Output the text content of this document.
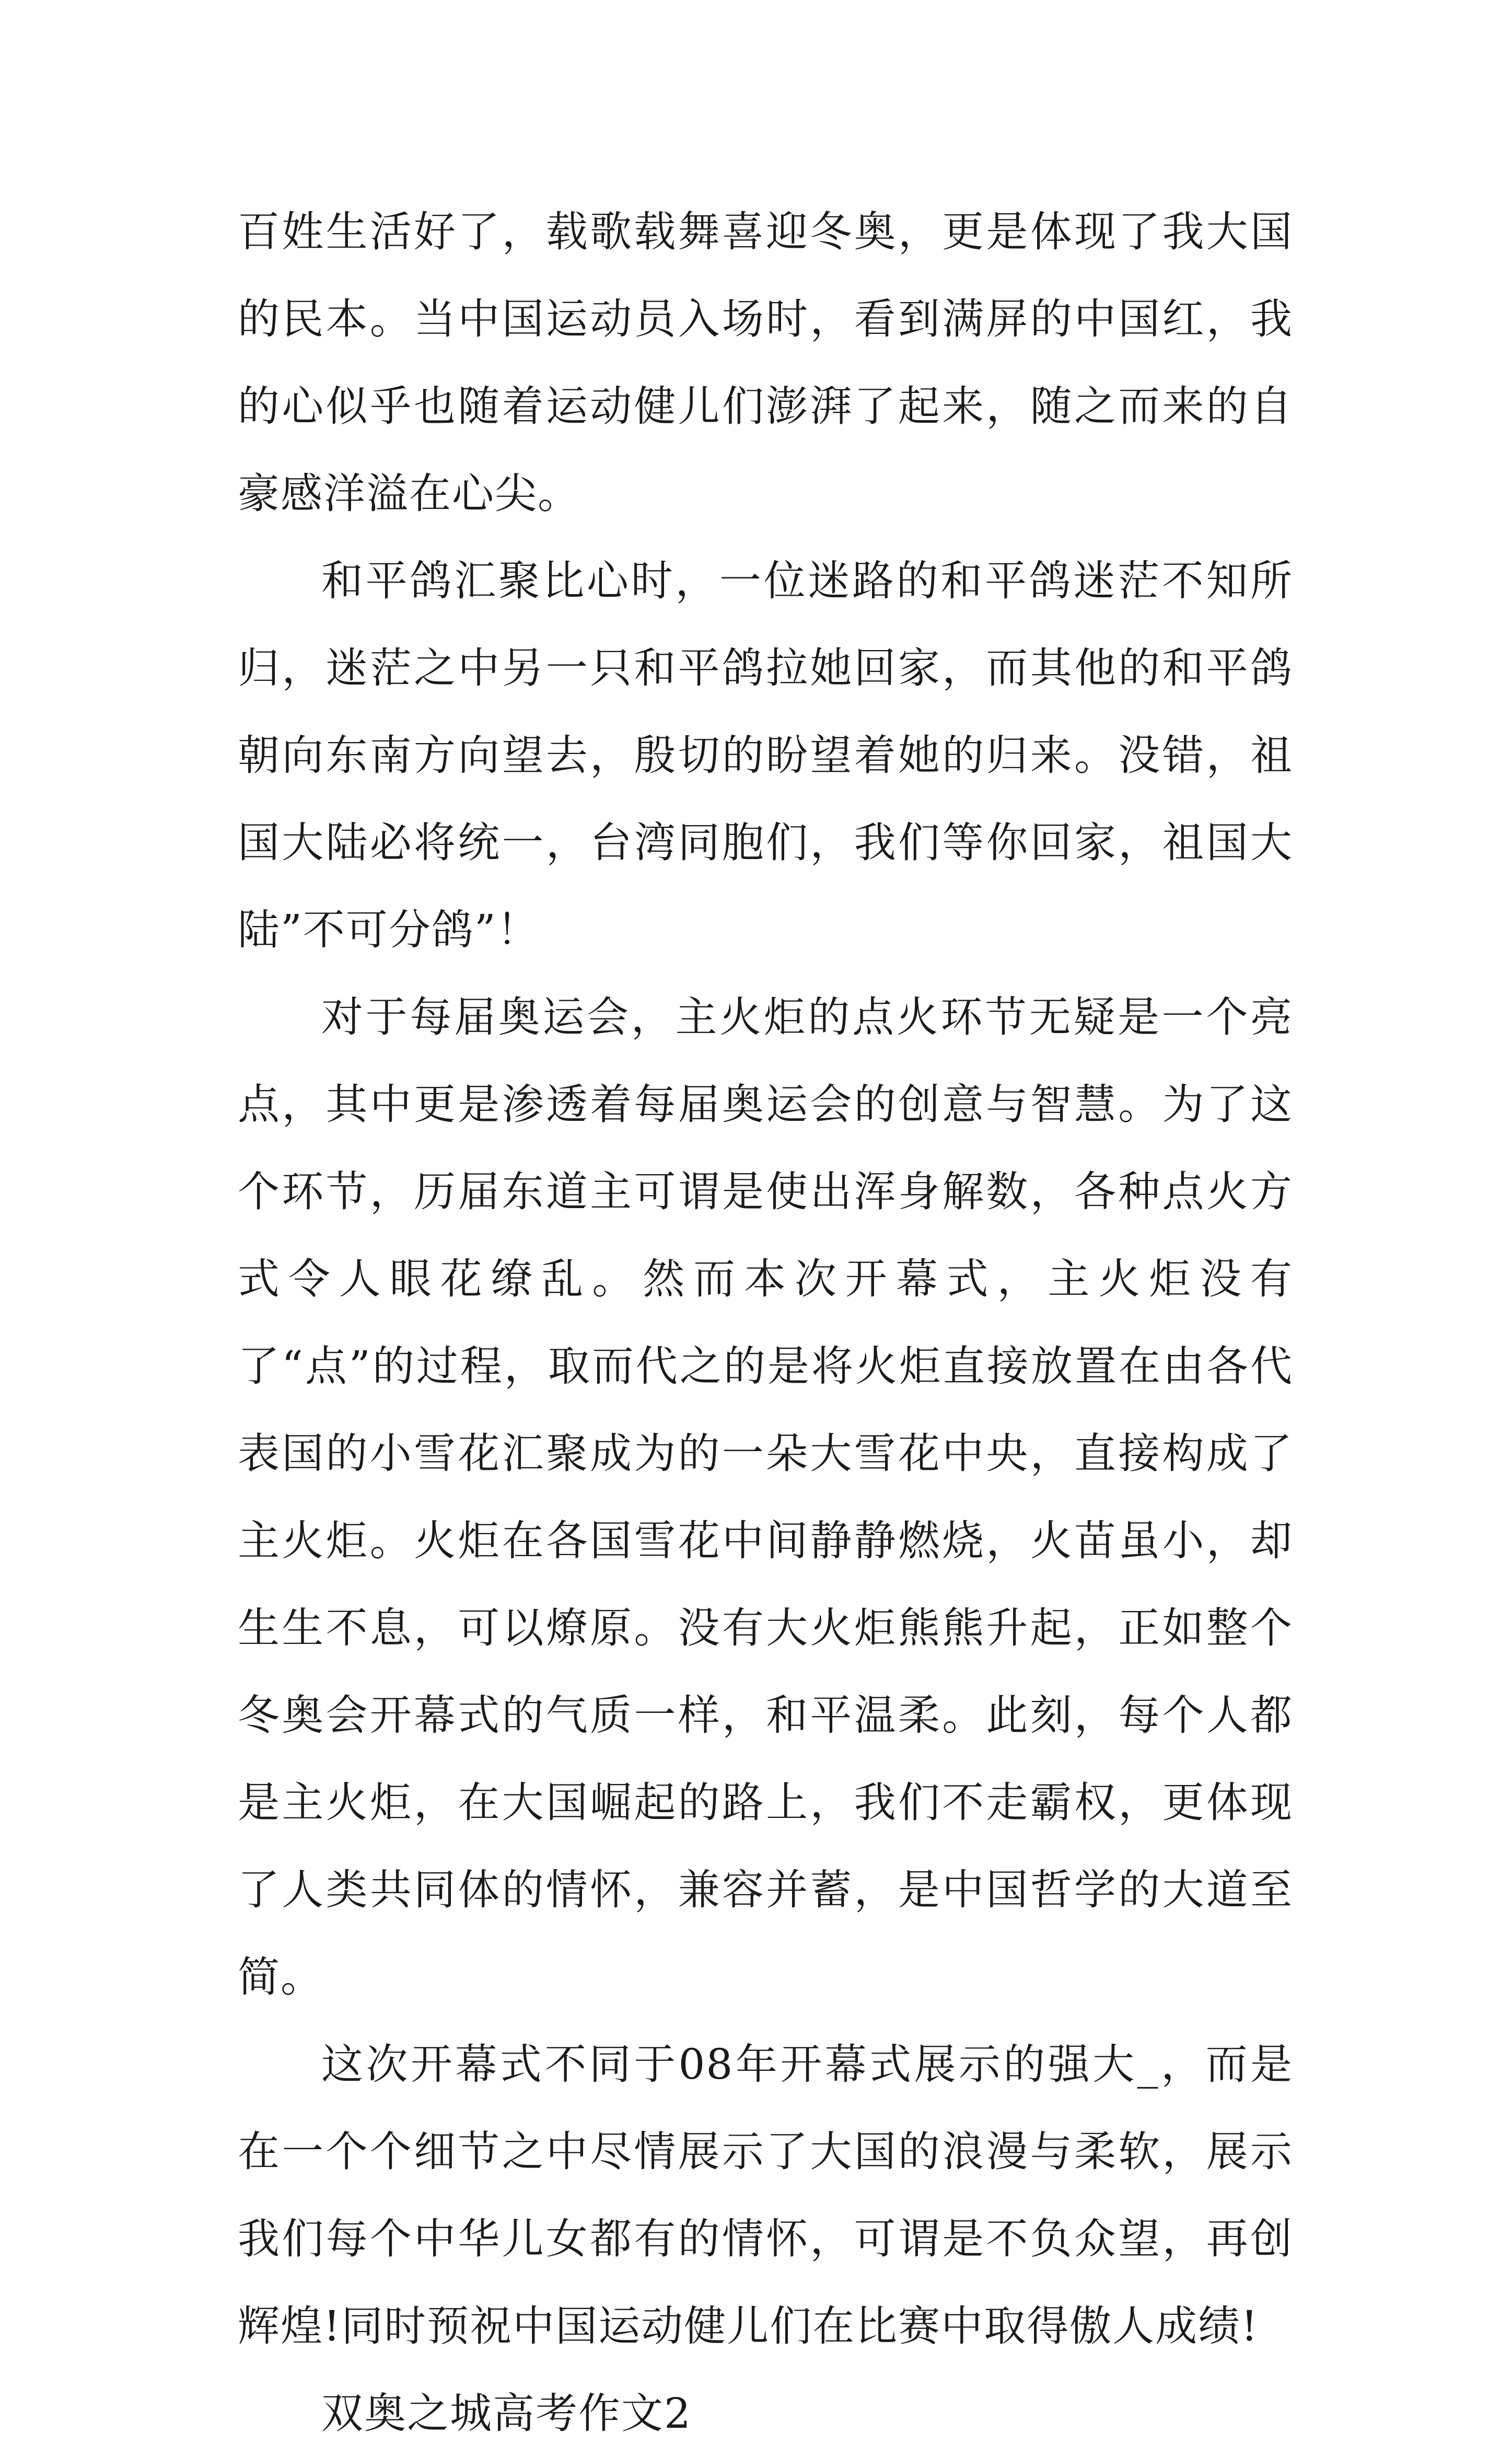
百姓生活好了，载歌载舞喜迎冬奥，更是体现了我大国的民本。当中国运动员入场时，看到满屏的中国红，我的心似乎也随着运动健儿们澎湃了起来，随之而来的自豪感洋溢在心尖。

和平鸽汇聚比心时，一位迷路的和平鸽迷茫不知所归，迷茫之中另一只和平鸽拉她回家，而其他的和平鸽朝向东南方向望去，殷切的盼望着她的归来。没错，祖国大陆必将统一，台湾同胞们，我们等你回家，祖国大陆”不可分鸽”！

对于每届奥运会，主火炬的点火环节无疑是一个亮点，其中更是渗透着每届奥运会的创意与智慧。为了这个环节，历届东道主可谓是使出浑身解数，各种点火方式令人眼花缭乱。然而本次开幕式，主火炬没有了“点”的过程，取而代之的是将火炬直接放置在由各代表国的小雪花汇聚成为的一朵大雪花中央，直接构成了主火炬。火炬在各国雪花中间静静燃烧，火苗虽小，却生生不息，可以燎原。没有大火炬熊熊升起，正如整个冬奥会开幕式的气质一样，和平温柔。此刻，每个人都是主火炬，在大国崛起的路上，我们不走霸权，更体现了人类共同体的情怀，兼容并蓄，是中国哲学的大道至简。

这次开幕式不同于08年开幕式展示的强大_，而是在一个个细节之中尽情展示了大国的浪漫与柔软，展示我们每个中华儿女都有的情怀，可谓是不负众望，再创辉煌!同时预祝中国运动健儿们在比赛中取得傲人成绩!

双奥之城高考作文2
